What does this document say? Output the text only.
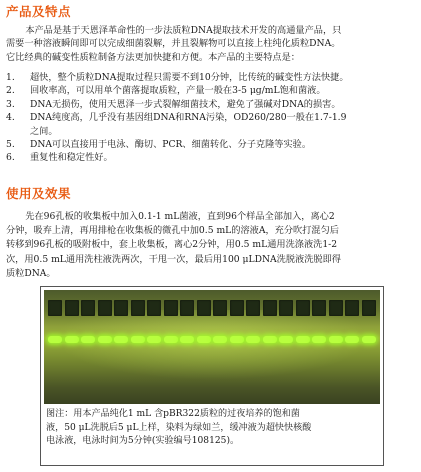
产品及特点

本产品是基于天恩泽革命性的一步法质粒DNA提取技术开发的高通量产品，只
需要一种溶液瞬间即可以完成细菌裂解，并且裂解物可以直接上柱纯化质粒DNA。
它比经典的碱变性质粒制备方法更加快捷和方便。本产品的主要特点是：

1.	超快，整个质粒DNA提取过程只需要不到10分钟，比传统的碱变性方法快捷。
2.	回收率高，可以用单个菌落提取质粒，产量一般在3-5 μg/mL饱和菌液。
3.	DNA无损伤，使用天恩泽一步式裂解细菌技术，避免了强碱对DNA的损害。
4.	DNA纯度高，几乎没有基因组DNA和RNA污染，OD260/280一般在1.7-1.9
之间。
5.	DNA可以直接用于电泳、酶切、PCR、细菌转化、分子克隆等实验。
6.	重复性和稳定性好。
使用及效果

先在96孔板的收集板中加入0.1-1 mL菌液，直到96个样品全部加入，离心2
分钟，吸弃上清，再用排枪在收集板的微孔中加0.5 mL的溶液A，充分吹打混匀后
转移到96孔板的吸附板中，套上收集板，离心2分钟，用0.5 mL通用洗涤液洗1-2
次，用0.5 mL通用洗柱液洗两次，干甩一次，最后用100 μLDNA洗脱液洗脱即得
质粒DNA。

图注：用本产品纯化1 mL 含pBR322质粒的过夜培养的饱和菌
液，50 μL洗脱后5 μL上样，染料为绿如兰，缓冲液为超快快核酸
电泳液，电泳时间为5分钟(实验编号108125)。
